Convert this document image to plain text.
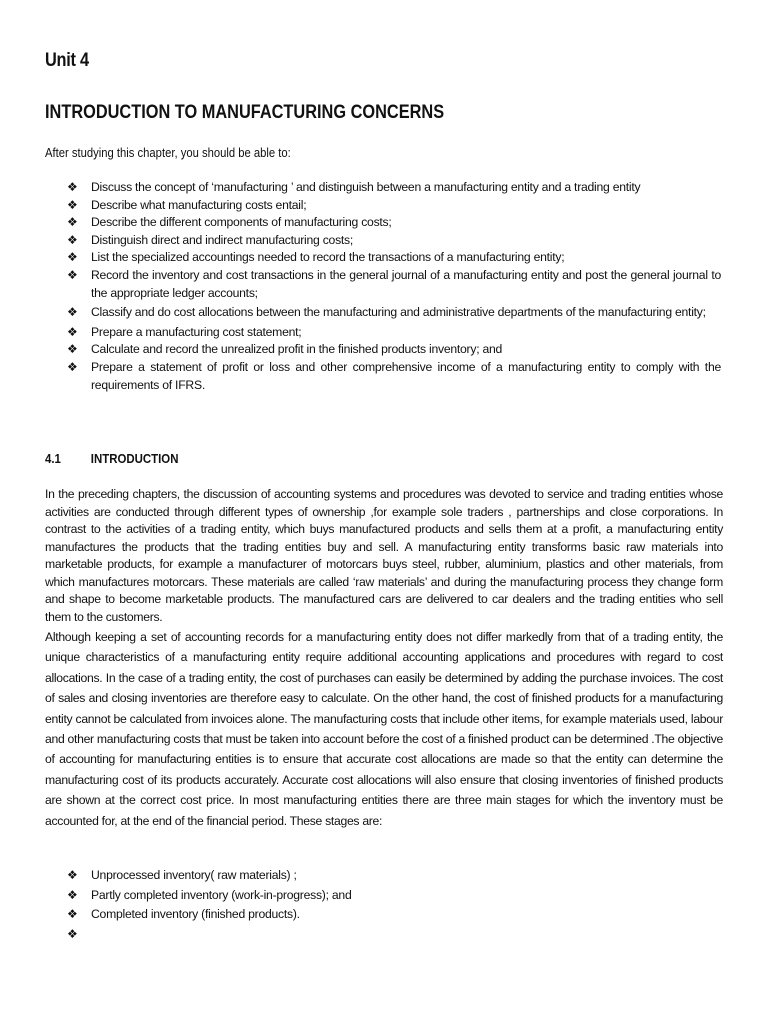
Unit 4
INTRODUCTION TO MANUFACTURING CONCERNS
After studying this chapter, you should be able to:
❖ Discuss the concept of ‘manufacturing ’ and distinguish between a manufacturing entity and a trading entity
❖ Describe what manufacturing costs entail;
❖ Describe the different components of manufacturing costs;
❖ Distinguish direct and indirect manufacturing costs;
❖ List the specialized accountings needed to record the transactions of a manufacturing entity;
❖ Record the inventory and cost transactions in the general journal of a manufacturing entity and post the general journal to the appropriate ledger accounts;
❖ Classify and do cost allocations between the manufacturing and administrative departments of the manufacturing entity;
❖ Prepare a manufacturing cost statement;
❖ Calculate and record the unrealized profit in the finished products inventory; and
❖ Prepare a statement of profit or loss and other comprehensive income of a manufacturing entity to comply with the requirements of IFRS.
4.1 INTRODUCTION

In the preceding chapters, the discussion of accounting systems and procedures was devoted to service and trading entities whose activities are conducted through different types of ownership ,for example sole traders , partnerships and close corporations. In contrast to the activities of a trading entity, which buys manufactured products and sells them at a profit, a manufacturing entity manufactures the products that the trading entities buy and sell. A manufacturing entity transforms basic raw materials into marketable products, for example a manufacturer of motorcars buys steel, rubber, aluminium, plastics and other materials, from which manufactures motorcars. These materials are called ‘raw materials’ and during the manufacturing process they change form and shape to become marketable products. The manufactured cars are delivered to car dealers and the trading entities who sell them to the customers.

Although keeping a set of accounting records for a manufacturing entity does not differ markedly from that of a trading entity, the unique characteristics of a manufacturing entity require additional accounting applications and procedures with regard to cost allocations. In the case of a trading entity, the cost of purchases can easily be determined by adding the purchase invoices. The cost of sales and closing inventories are therefore easy to calculate. On the other hand, the cost of finished products for a manufacturing entity cannot be calculated from invoices alone. The manufacturing costs that include other items, for example materials used, labour and other manufacturing costs that must be taken into account before the cost of a finished product can be determined .The objective of accounting for manufacturing entities is to ensure that accurate cost allocations are made so that the entity can determine the manufacturing cost of its products accurately. Accurate cost allocations will also ensure that closing inventories of finished products are shown at the correct cost price. In most manufacturing entities there are three main stages for which the inventory must be accounted for, at the end of the financial period. These stages are:

❖ Unprocessed inventory( raw materials) ;
❖ Partly completed inventory (work-in-progress); and
❖ Completed inventory (finished products).
❖
